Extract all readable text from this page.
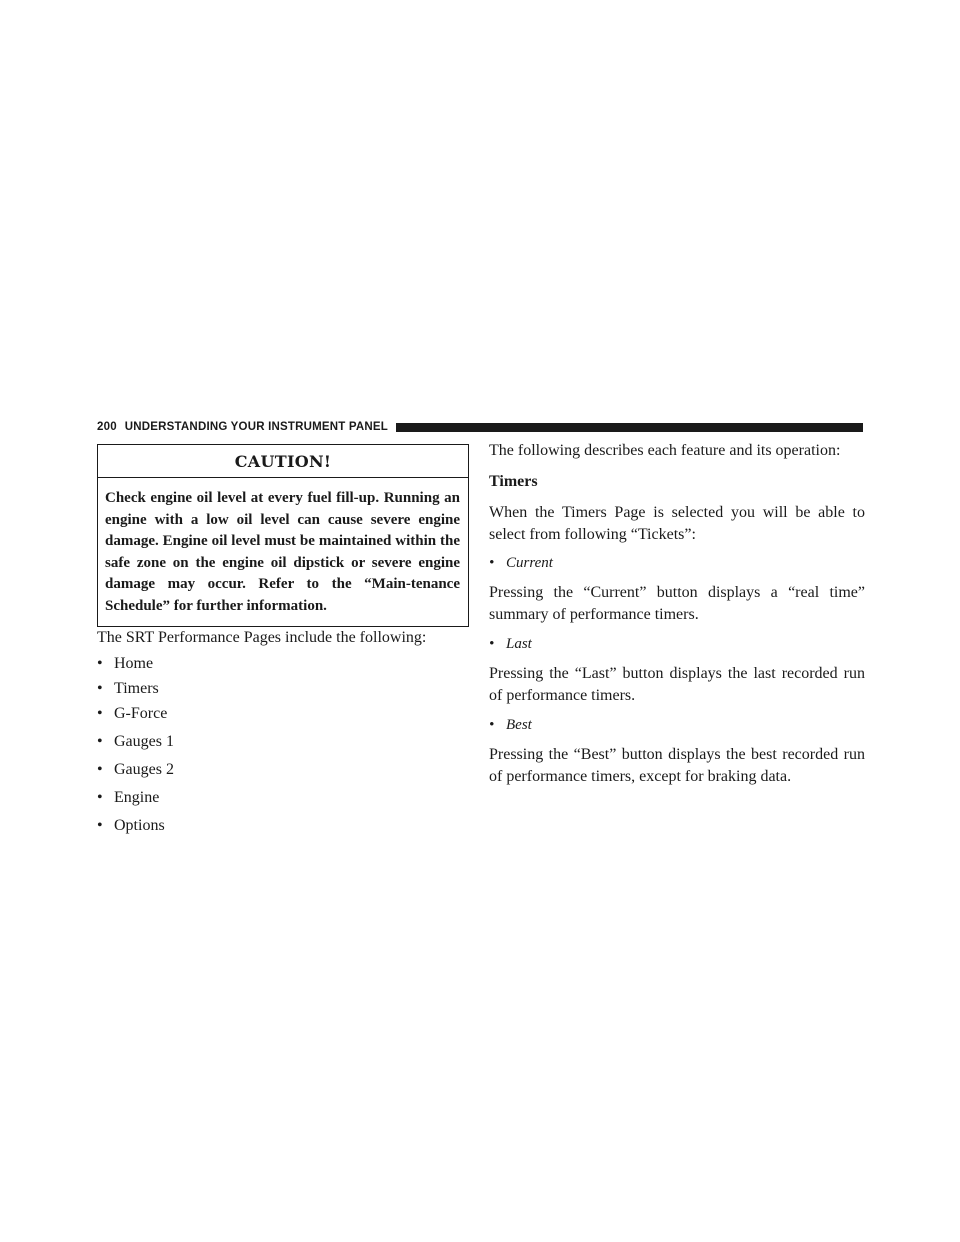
200 UNDERSTANDING YOUR INSTRUMENT PANEL
CAUTION!
Check engine oil level at every fuel fill-up. Running an engine with a low oil level can cause severe engine damage. Engine oil level must be maintained within the safe zone on the engine oil dipstick or severe engine damage may occur. Refer to the “Main-tenance Schedule” for further information.

The SRT Performance Pages include the following:

• Home
• Timers
• G-Force
• Gauges 1
• Gauges 2
• Engine
• Options

The following describes each feature and its operation:

Timers

When the Timers Page is selected you will be able to select from following “Tickets”:

• Current

Pressing the “Current” button displays a “real time” summary of performance timers.

• Last

Pressing the “Last” button displays the last recorded run of performance timers.

• Best

Pressing the “Best” button displays the best recorded run of performance timers, except for braking data.
